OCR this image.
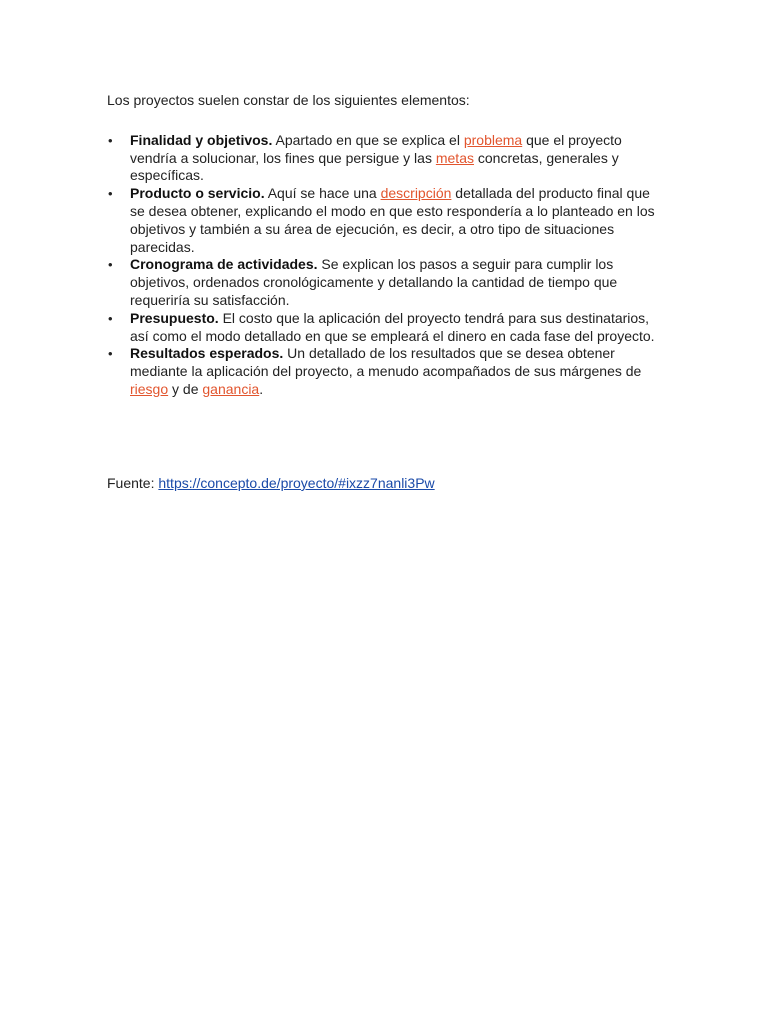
Los proyectos suelen constar de los siguientes elementos:

• Finalidad y objetivos. Apartado en que se explica el problema que el proyecto vendría a solucionar, los fines que persigue y las metas concretas, generales y específicas.
• Producto o servicio. Aquí se hace una descripción detallada del producto final que se desea obtener, explicando el modo en que esto respondería a lo planteado en los objetivos y también a su área de ejecución, es decir, a otro tipo de situaciones parecidas.
• Cronograma de actividades. Se explican los pasos a seguir para cumplir los objetivos, ordenados cronológicamente y detallando la cantidad de tiempo que requeriría su satisfacción.
• Presupuesto. El costo que la aplicación del proyecto tendrá para sus destinatarios, así como el modo detallado en que se empleará el dinero en cada fase del proyecto.
• Resultados esperados. Un detallado de los resultados que se desea obtener mediante la aplicación del proyecto, a menudo acompañados de sus márgenes de riesgo y de ganancia.
Fuente: https://concepto.de/proyecto/#ixzz7nanli3Pw
